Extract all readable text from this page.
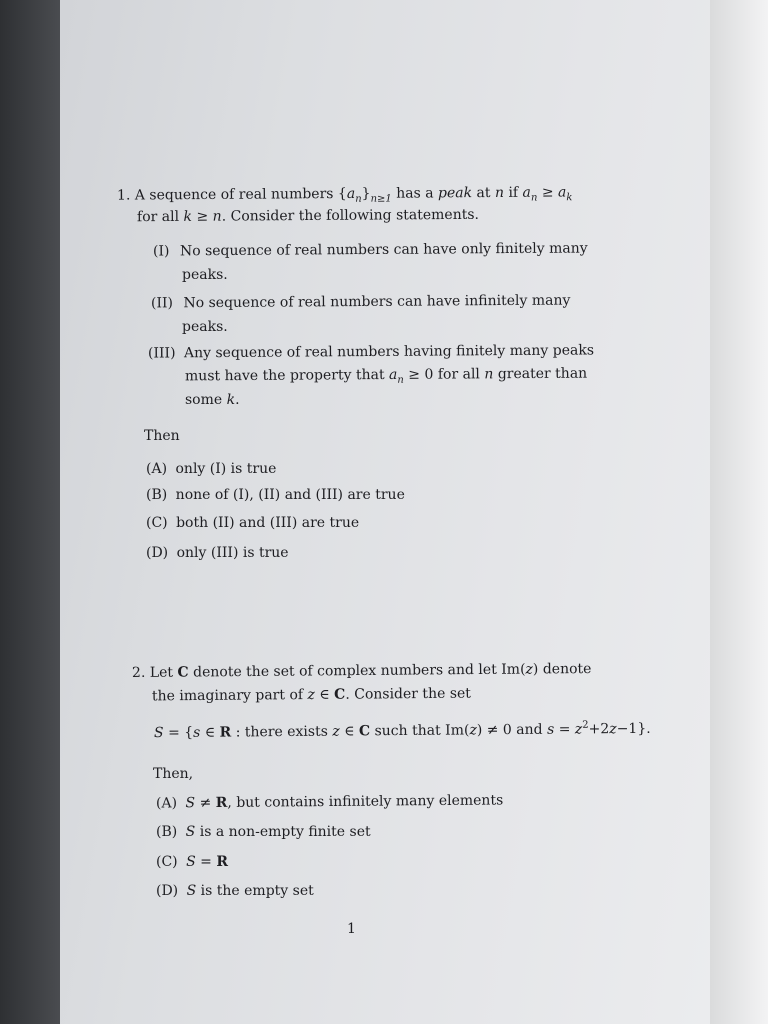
1. A sequence of real numbers $\{a_n\}_{n\ge 1}$ has a peak at n if $a_n \ge a_k$
for all k ≥ n. Consider the following statements.
(I) No sequence of real numbers can have only finitely many
peaks.
(II) No sequence of real numbers can have infinitely many
peaks.
(III) Any sequence of real numbers having finitely many peaks
must have the property that $a_n \ge 0$ for all n greater than
some k.
Then
(A) only (I) is true
(B) none of (I), (II) and (III) are true
(C) both (II) and (III) are true
(D) only (III) is true
2. Let C denote the set of complex numbers and let Im(z) denote
the imaginary part of z ∈ C. Consider the set
S = {s ∈ R : there exists z ∈ C such that Im(z) ≠ 0 and $s = z^2+2z-1$}.
Then,
(A) S ≠ R, but contains infinitely many elements
(B) S is a non-empty finite set
(C) S = R
(D) S is the empty set
1
